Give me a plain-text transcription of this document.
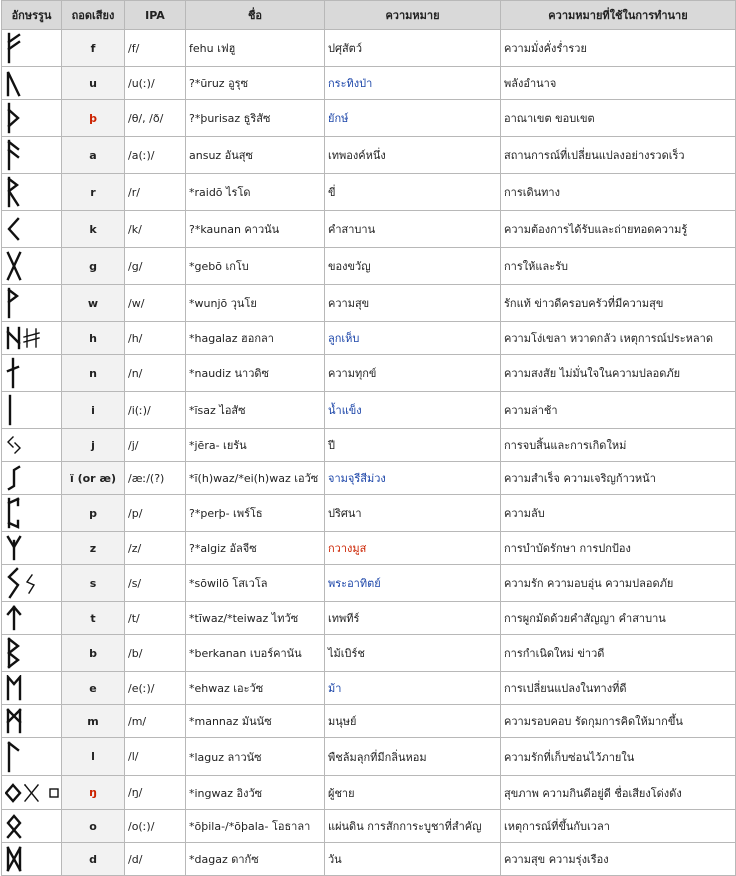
อักษรรูน	ถอดเสียง	IPA	ชื่อ	ความหมาย	ความหมายที่ใช้ในการทำนาย
	f	/f/	fehu เฟฮู	ปศุสัตว์	ความมั่งคั่งร่ำรวย
	u	/u(ː)/	?*ūruz อูรุซ	กระทิงป่า	พลังอำนาจ
	þ	/θ/, /ð/	?*þurisaz ธูริสัซ	ยักษ์	อาณาเขต ขอบเขต
	a	/a(ː)/	ansuz อันสุซ	เทพองค์หนึ่ง	สถานการณ์ที่เปลี่ยนแปลงอย่างรวดเร็ว
	r	/r/	*raidō ไรโด	ขี่	การเดินทาง
	k	/k/	?*kaunan คาวนัน	คำสาบาน	ความต้องการได้รับและถ่ายทอดความรู้
	g	/g/	*gebō เกโบ	ของขวัญ	การให้และรับ
	w	/w/	*wunjō วุนโย	ความสุข	รักแท้ ข่าวดีครอบครัวที่มีความสุข
	h	/h/	*hagalaz ฮอกลา	ลูกเห็บ	ความโง่เขลา หวาดกลัว เหตุการณ์ประหลาด
	n	/n/	*naudiz นาวดิซ	ความทุกข์	ความสงสัย ไม่มั่นใจในความปลอดภัย
	i	/i(ː)/	*īsaz ไอสัซ	น้ำแข็ง	ความล่าช้า
	j	/j/	*jēra- เยรัน	ปี	การจบสิ้นและการเกิดใหม่
	ï (or æ)	/æː/(?)	*ī(h)waz/*ei(h)waz เอวัซ	จามจุรีสีม่วง	ความสำเร็จ ความเจริญก้าวหน้า
	p	/p/	?*perþ- เพร์โธ	ปริศนา	ความลับ
	z	/z/	?*algiz อัลจีซ	กวางมูส	การบำบัดรักษา การปกป้อง
	s	/s/	*sōwilō โสเวโล	พระอาทิตย์	ความรัก ความอบอุ่น ความปลอดภัย
	t	/t/	*tīwaz/*teiwaz ไทวัซ	เทพทีร์	การผูกมัดด้วยคำสัญญา คำสาบาน
	b	/b/	*berkanan เบอร์คานัน	ไม้เบิร์ช	การกำเนิดใหม่ ข่าวดี
	e	/e(ː)/	*ehwaz เอะวัซ	ม้า	การเปลี่ยนแปลงในทางที่ดี
	m	/m/	*mannaz มันนัซ	มนุษย์	ความรอบคอบ รัดกุมการคิดให้มากขึ้น
	l	/l/	*laguz ลาวนัซ	พืชล้มลุกที่มีกลิ่นหอม	ความรักที่เก็บซ่อนไว้ภายใน
	ŋ	/ŋ/	*ingwaz อิงวัซ	ผู้ชาย	สุขภาพ ความกินดีอยู่ดี ชื่อเสียงโด่งดัง
	o	/o(ː)/	*ōþila-/*ōþala- โอธาลา	แผ่นดิน การสักการะบูชาที่สำคัญ	เหตุการณ์ที่ขึ้นกับเวลา
	d	/d/	*dagaz ดากัซ	วัน	ความสุข ความรุ่งเรือง
